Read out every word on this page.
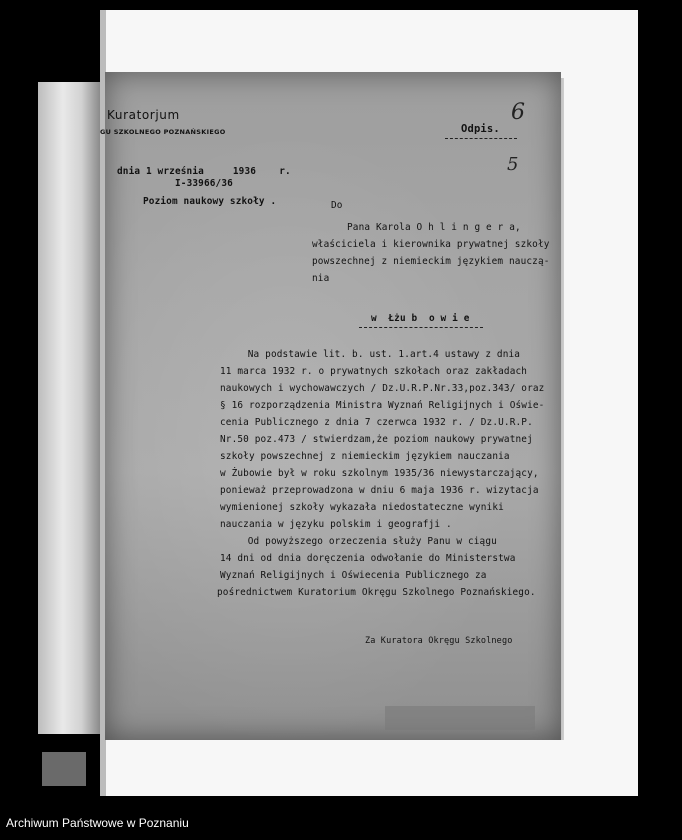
Kuratorjum
GU SZKOLNEGO POZNAŃSKIEGO	Odpis.
6
5
dnia 1 września     1936    r.
I-33966/36
Poziom naukowy szkoły .	Do
Pana Karola O h l i n g e r a,
właściciela i kierownika prywatnej szkoły
powszechnej z niemieckim językiem nauczą-
nia
w  Łżu b  o w i e
Na podstawie lit. b. ust. 1.art.4 ustawy z dnia
11 marca 1932 r. o prywatnych szkołach oraz zakładach
naukowych i wychowawczych / Dz.U.R.P.Nr.33,poz.343/ oraz
§ 16 rozporządzenia Ministra Wyznań Religijnych i Oświe-
cenia Publicznego z dnia 7 czerwca 1932 r. / Dz.U.R.P.
Nr.50 poz.473 / stwierdzam,że poziom naukowy prywatnej
szkoły powszechnej z niemieckim językiem nauczania
w Żubowie był w roku szkolnym 1935/36 niewystarczający,
ponieważ przeprowadzona w dniu 6 maja 1936 r. wizytacja
wymienionej szkoły wykazała niedostateczne wyniki
nauczania w języku polskim i geografji .
Od powyższego orzeczenia służy Panu w ciągu
14 dni od dnia doręczenia odwołanie do Ministerstwa
Wyznań Religijnych i Oświecenia Publicznego za
pośrednictwem Kuratorium Okręgu Szkolnego Poznańskiego.
Za Kuratora Okręgu Szkolnego
Archiwum Państwowe w Poznaniu
